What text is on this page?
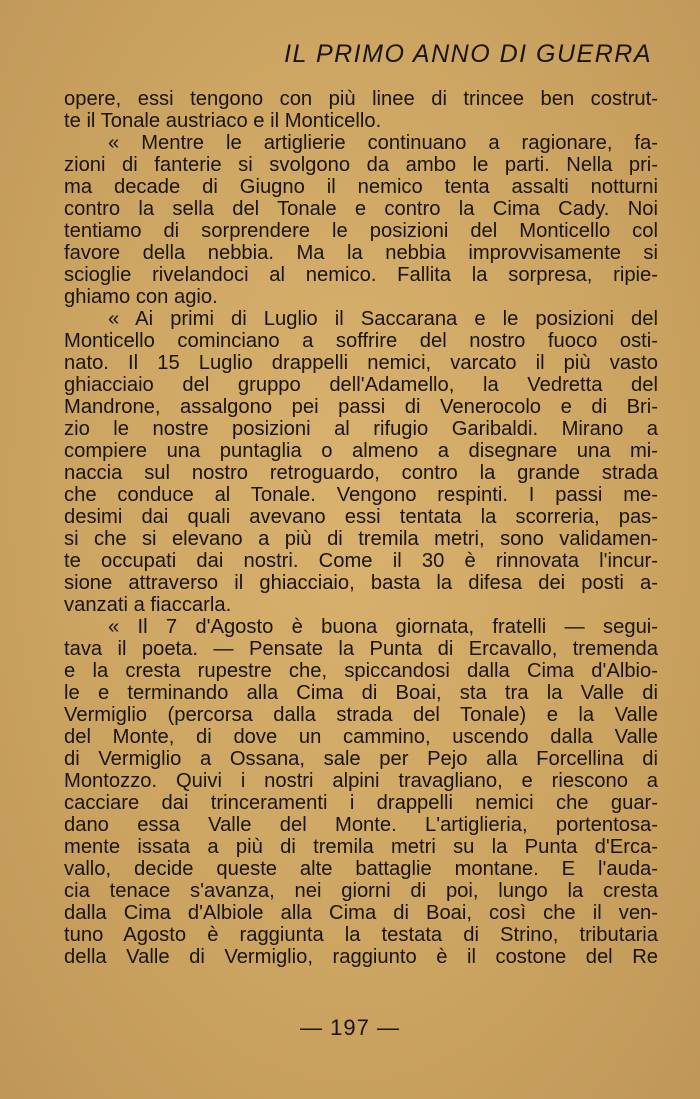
IL PRIMO ANNO DI GUERRA
opere, essi tengono con più linee di trincee ben costrut-
te il Tonale austriaco e il Monticello.
« Mentre le artiglierie continuano a ragionare, fa-
zioni di fanterie si svolgono da ambo le parti. Nella pri-
ma decade di Giugno il nemico tenta assalti notturni
contro la sella del Tonale e contro la Cima Cady. Noi
tentiamo di sorprendere le posizioni del Monticello col
favore della nebbia. Ma la nebbia improvvisamente si
scioglie rivelandoci al nemico. Fallita la sorpresa, ripie-
ghiamo con agio.
« Ai primi di Luglio il Saccarana e le posizioni del
Monticello cominciano a soffrire del nostro fuoco osti-
nato. Il 15 Luglio drappelli nemici, varcato il più vasto
ghiacciaio del gruppo dell'Adamello, la Vedretta del
Mandrone, assalgono pei passi di Venerocolo e di Bri-
zio le nostre posizioni al rifugio Garibaldi. Mirano a
compiere una puntaglia o almeno a disegnare una mi-
naccia sul nostro retroguardo, contro la grande strada
che conduce al Tonale. Vengono respinti. I passi me-
desimi dai quali avevano essi tentata la scorreria, pas-
si che si elevano a più di tremila metri, sono validamen-
te occupati dai nostri. Come il 30 è rinnovata l'incur-
sione attraverso il ghiacciaio, basta la difesa dei posti a-
vanzati a fiaccarla.
« Il 7 d'Agosto è buona giornata, fratelli — segui-
tava il poeta. — Pensate la Punta di Ercavallo, tremenda
e la cresta rupestre che, spiccandosi dalla Cima d'Albio-
le e terminando alla Cima di Boai, sta tra la Valle di
Vermiglio (percorsa dalla strada del Tonale) e la Valle
del Monte, di dove un cammino, uscendo dalla Valle
di Vermiglio a Ossana, sale per Pejo alla Forcellina di
Montozzo. Quivi i nostri alpini travagliano, e riescono a
cacciare dai trinceramenti i drappelli nemici che guar-
dano essa Valle del Monte. L'artiglieria, portentosa-
mente issata a più di tremila metri su la Punta d'Erca-
vallo, decide queste alte battaglie montane. E l'auda-
cia tenace s'avanza, nei giorni di poi, lungo la cresta
dalla Cima d'Albiole alla Cima di Boai, così che il ven-
tuno Agosto è raggiunta la testata di Strino, tributaria
della Valle di Vermiglio, raggiunto è il costone del Re
— 197 —
